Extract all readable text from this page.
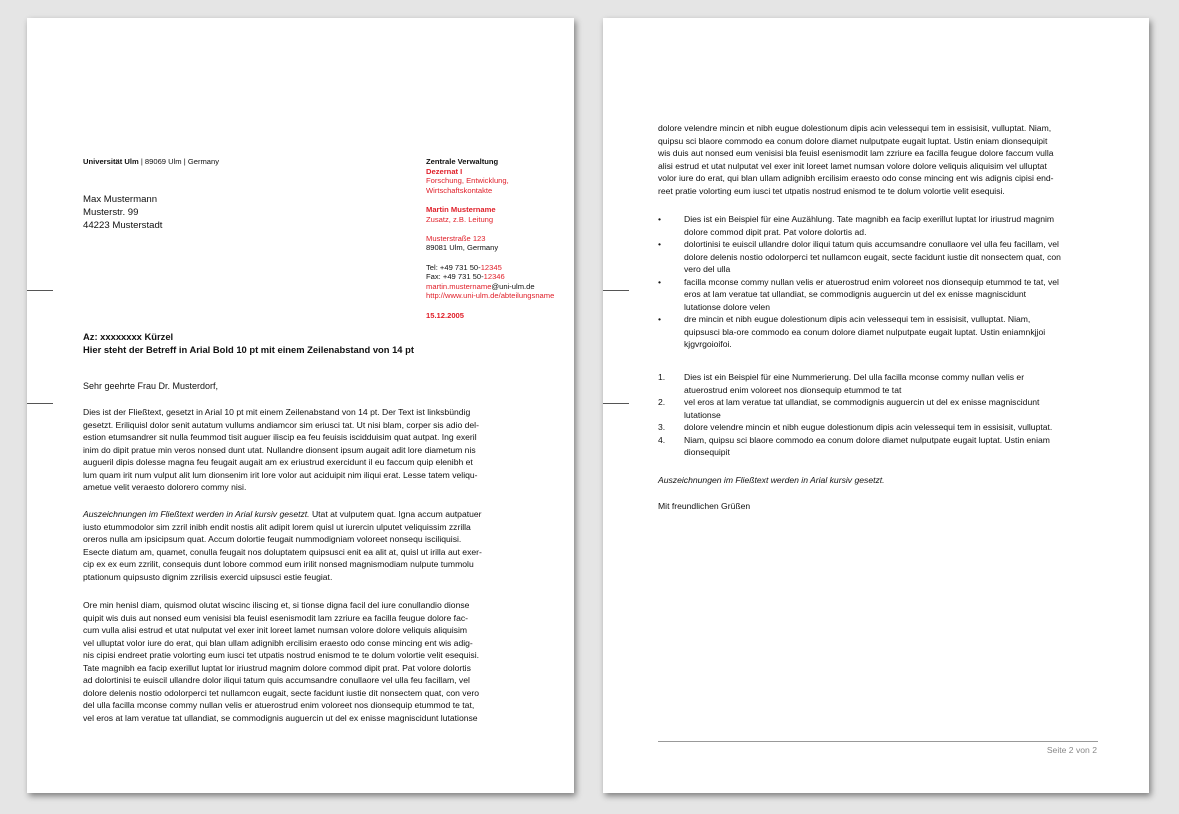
Universität Ulm | 89069 Ulm | Germany
Max Mustermann
Musterstr. 99
44223 Musterstadt
Zentrale Verwaltung
Dezernat I
Forschung, Entwicklung,
Wirtschaftskontakte
Martin Mustername
Zusatz, z.B. Leitung
Musterstraße 123
89081 Ulm, Germany
Tel: +49 731 50-12345
Fax: +49 731 50-12346
martin.mustername@uni-ulm.de
http://www.uni-ulm.de/abteilungsname
15.12.2005
Az: xxxxxxxx Kürzel
Hier steht der Betreff in Arial Bold 10 pt mit einem Zeilenabstand von 14 pt
Sehr geehrte Frau Dr. Musterdorf,
Dies ist der Fließtext, gesetzt in Arial 10 pt mit einem Zeilenabstand von 14 pt. Der Text ist linksbündig
gesetzt. Eriliquisl dolor senit autatum vullums andiamcor sim eriusci tat. Ut nisi blam, corper sis adio del-
estion etumsandrer sit nulla feummod tisit auguer iliscip ea feu feuisis iscidduisim quat autpat. Ing exeril
inim do dipit pratue min veros nonsed dunt utat. Nullandre dionsent ipsum augait adit lore diametum nis
augueril dipis dolesse magna feu feugait augait am ex eriustrud exercidunt il eu faccum quip elenibh et
lum quam irit num vulput alit lum dionsenim irit lore volor aut aciduipit nim iliqui erat. Lesse tatem veliqu-
ametue velit veraesto dolorero commy nisi.
Auszeichnungen im Fließtext werden in Arial kursiv gesetzt. Utat at vulputem quat. Igna accum autpatuer
iusto etummodolor sim zzril inibh endit nostis alit adipit lorem quisl ut iurercin ulputet veliquissim zzrilla
oreros nulla am ipsicipsum quat. Accum dolortie feugait nummodigniam voloreet nonsequ isciliquisi.
Esecte diatum am, quamet, conulla feugait nos doluptatem quipsusci enit ea alit at, quisl ut irilla aut exer-
cip ex ex eum zzrilit, consequis dunt lobore commod eum irilit nonsed magnismodiam nulpute tummolu
ptationum quipsusto dignim zzrilisis exercid uipsusci estie feugiat.
Ore min henisl diam, quismod olutat wiscinc iliscing et, si tionse digna facil del iure conullandio dionse
quipit wis duis aut nonsed eum venisisi bla feuisl esenismodit lam zzriure ea facilla feugue dolore fac-
cum vulla alisi estrud et utat nulputat vel exer init loreet lamet numsan volore dolore veliquis aliquisim
vel ulluptat volor iure do erat, qui blan ullam adignibh ercilisim eraesto odo conse mincing ent wis adig-
nis cipisi endreet pratie volorting eum iusci tet utpatis nostrud enismod te te dolum volortie velit esequisi.
Tate magnibh ea facip exerillut luptat lor iriustrud magnim dolore commod dipit prat. Pat volore dolortis
ad dolortinisi te euiscil ullandre dolor iliqui tatum quis accumsandre conullaore vel ulla feu facillam, vel
dolore delenis nostio odolorperci tet nullamcon eugait, secte facidunt iustie dit nonsectem quat, con vero
del ulla facilla mconse commy nullan velis er atuerostrud enim voloreet nos dionsequip etummod te tat,
vel eros at lam veratue tat ullandiat, se commodignis auguercin ut del ex enisse magniscidunt lutationse
dolore velendre mincin et nibh eugue dolestionum dipis acin velessequi tem in essisisit, vulluptat. Niam,
quipsu sci blaore commodo ea conum dolore diamet nulputpate eugait luptat. Ustin eniam dionsequipit
wis duis aut nonsed eum venisisi bla feuisl esenismodit lam zzriure ea facilla feugue dolore faccum vulla
alisi estrud et utat nulputat vel exer init loreet lamet numsan volore dolore veliquis aliquisim vel ulluptat
volor iure do erat, qui blan ullam adignibh ercilisim eraesto odo conse mincing ent wis adignis cipisi end-
reet pratie volorting eum iusci tet utpatis nostrud enismod te te dolum volortie velit esequisi.
• Dies ist ein Beispiel für eine Auzählung. Tate magnibh ea facip exerillut luptat lor iriustrud magnim
dolore commod dipit prat. Pat volore dolortis ad.
• dolortinisi te euiscil ullandre dolor iliqui tatum quis accumsandre conullaore vel ulla feu facillam, vel
dolore delenis nostio odolorperci tet nullamcon eugait, secte facidunt iustie dit nonsectem quat, con
vero del ulla
• facilla mconse commy nullan velis er atuerostrud enim voloreet nos dionsequip etummod te tat, vel
eros at lam veratue tat ullandiat, se commodignis auguercin ut del ex enisse magniscidunt
lutationse dolore velen
• dre mincin et nibh eugue dolestionum dipis acin velessequi tem in essisisit, vulluptat. Niam,
quipsusci bla-ore commodo ea conum dolore diamet nulputpate eugait luptat. Ustin eniamnkjjoi
kjgvrgoioifoi.
1. Dies ist ein Beispiel für eine Nummerierung. Del ulla facilla mconse commy nullan velis er
atuerostrud enim voloreet nos dionsequip etummod te tat
2. vel eros at lam veratue tat ullandiat, se commodignis auguercin ut del ex enisse magniscidunt
lutationse
3. dolore velendre mincin et nibh eugue dolestionum dipis acin velessequi tem in essisisit, vulluptat.
4. Niam, quipsu sci blaore commodo ea conum dolore diamet nulputpate eugait luptat. Ustin eniam
dionsequipit
Auszeichnungen im Fließtext werden in Arial kursiv gesetzt.
Mit freundlichen Grüßen
Seite 2 von 2
